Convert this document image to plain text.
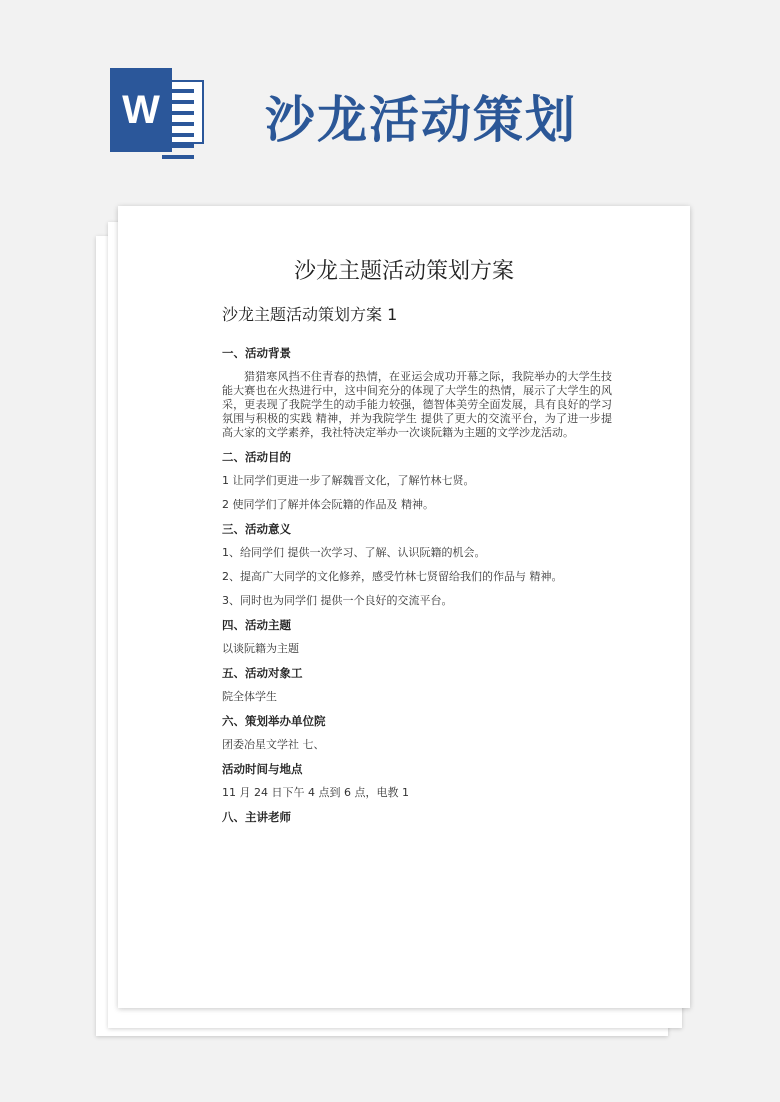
W 沙龙活动策划
沙龙主题活动策划方案
沙龙主题活动策划方案 1
一、活动背景
猎猎寒风挡不住青春的热情，在亚运会成功开幕之际，我院举办的大学生技能大赛也在火热进行中，这中间充分的体现了大学生的热情，展示了大学生的风采，更表现了我院学生的动手能力较强，德智体美劳全面发展，具有良好的学习氛围与积极的实践 精神，并为我院学生 提供了更大的交流平台，为了进一步提高大家的文学素养，我社特决定举办一次谈阮籍为主题的文学沙龙活动。
二、活动目的
1 让同学们更进一步了解魏晋文化，了解竹林七贤。
2 使同学们了解并体会阮籍的作品及 精神。
三、活动意义
1、给同学们 提供一次学习、了解、认识阮籍的机会。
2、提高广大同学的文化修养，感受竹林七贤留给我们的作品与 精神。
3、同时也为同学们 提供一个良好的交流平台。
四、活动主题
以谈阮籍为主题
五、活动对象工
院全体学生
六、策划举办单位院
团委冶星文学社 七、
活动时间与地点
11 月 24 日下午 4 点到 6 点，电教 1
八、主讲老师
